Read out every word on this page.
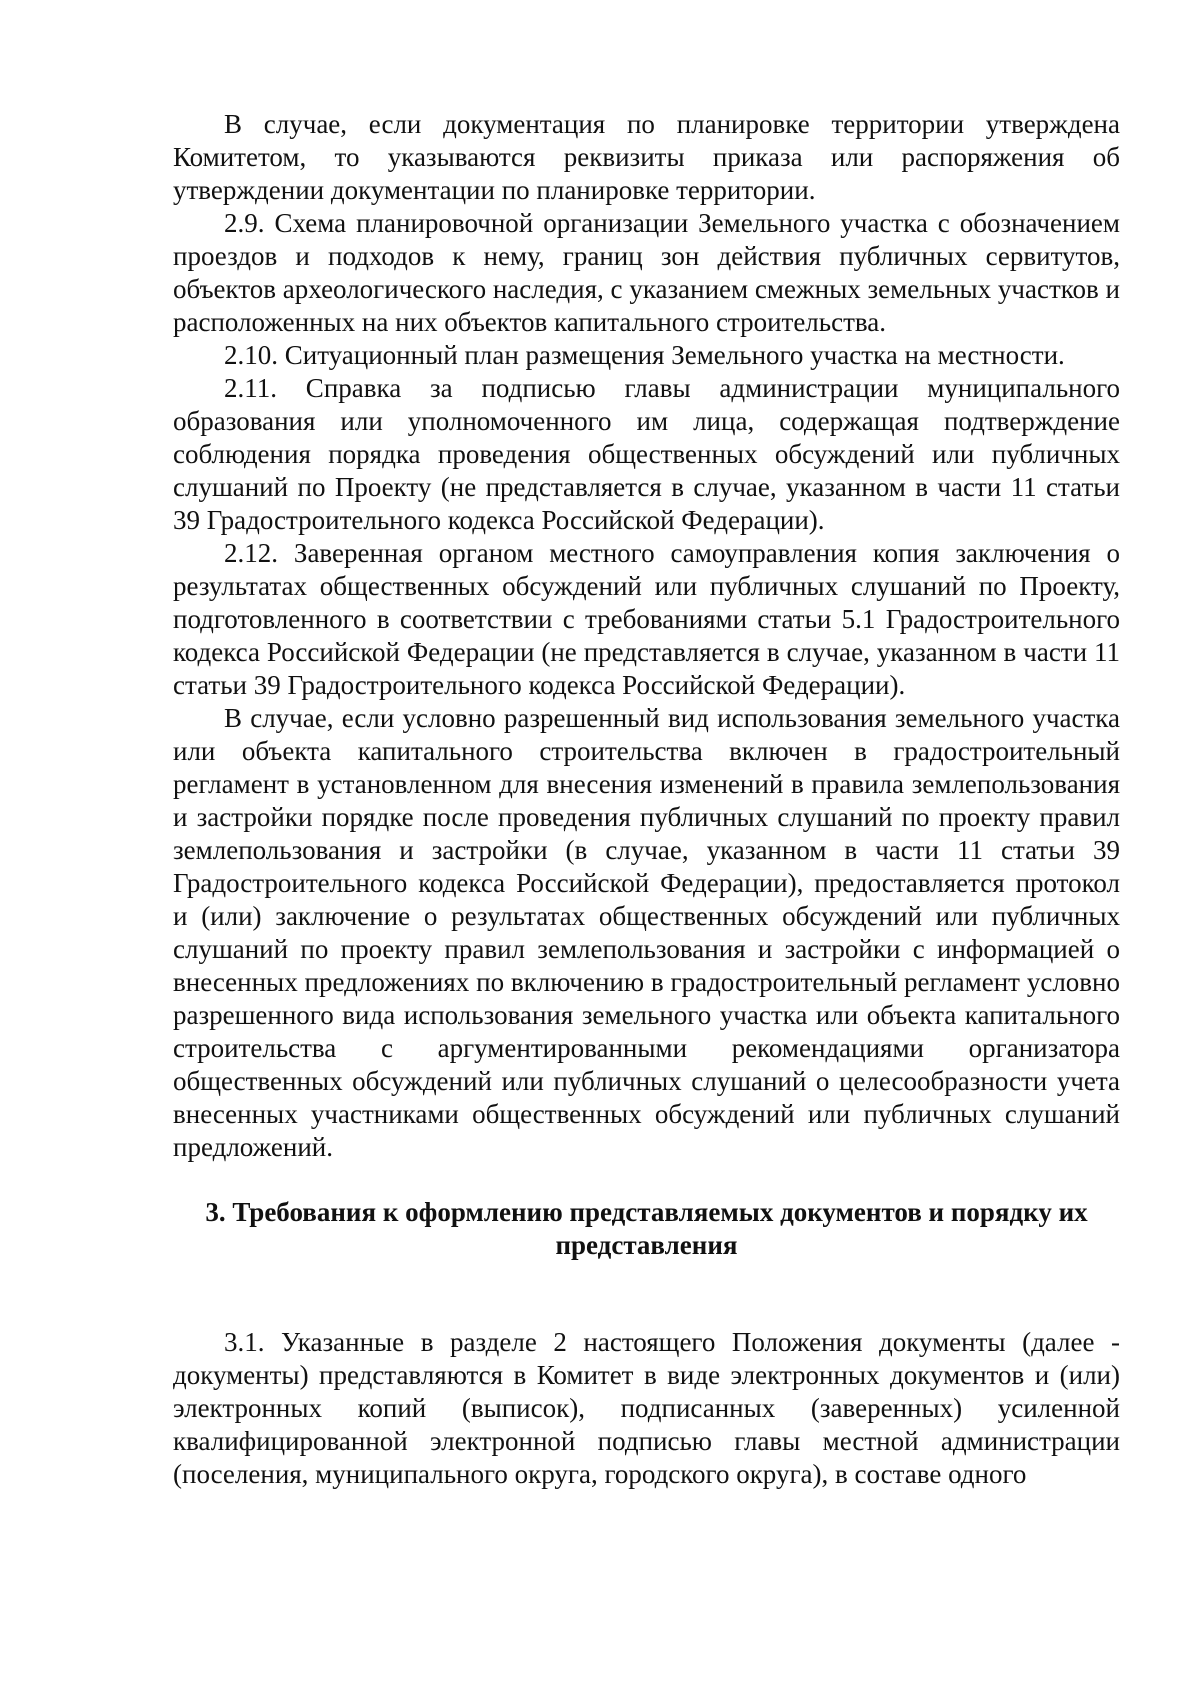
В случае, если документация по планировке территории утверждена Комитетом, то указываются реквизиты приказа или распоряжения об утверждении документации по планировке территории.

2.9. Схема планировочной организации Земельного участка с обозначением проездов и подходов к нему, границ зон действия публичных сервитутов, объектов археологического наследия, с указанием смежных земельных участков и расположенных на них объектов капитального строительства.

2.10. Ситуационный план размещения Земельного участка на местности.

2.11. Справка за подписью главы администрации муниципального образования или уполномоченного им лица, содержащая подтверждение соблюдения порядка проведения общественных обсуждений или публичных слушаний по Проекту (не представляется в случае, указанном в части 11 статьи 39 Градостроительного кодекса Российской Федерации).

2.12. Заверенная органом местного самоуправления копия заключения о результатах общественных обсуждений или публичных слушаний по Проекту, подготовленного в соответствии с требованиями статьи 5.1 Градостроительного кодекса Российской Федерации (не представляется в случае, указанном в части 11 статьи 39 Градостроительного кодекса Российской Федерации).

В случае, если условно разрешенный вид использования земельного участка или объекта капитального строительства включен в градостроительный регламент в установленном для внесения изменений в правила землепользования и застройки порядке после проведения публичных слушаний по проекту правил землепользования и застройки (в случае, указанном в части 11 статьи 39 Градостроительного кодекса Российской Федерации), предоставляется протокол и (или) заключение о результатах общественных обсуждений или публичных слушаний по проекту правил землепользования и застройки с информацией о внесенных предложениях по включению в градостроительный регламент условно разрешенного вида использования земельного участка или объекта капитального строительства с аргументированными рекомендациями организатора общественных обсуждений или публичных слушаний о целесообразности учета внесенных участниками общественных обсуждений или публичных слушаний предложений.

3. Требования к оформлению представляемых документов и порядку их
представления

3.1. Указанные в разделе 2 настоящего Положения документы (далее - документы) представляются в Комитет в виде электронных документов и (или) электронных копий (выписок), подписанных (заверенных) усиленной квалифицированной электронной подписью главы местной администрации (поселения, муниципального округа, городского округа), в составе одного
